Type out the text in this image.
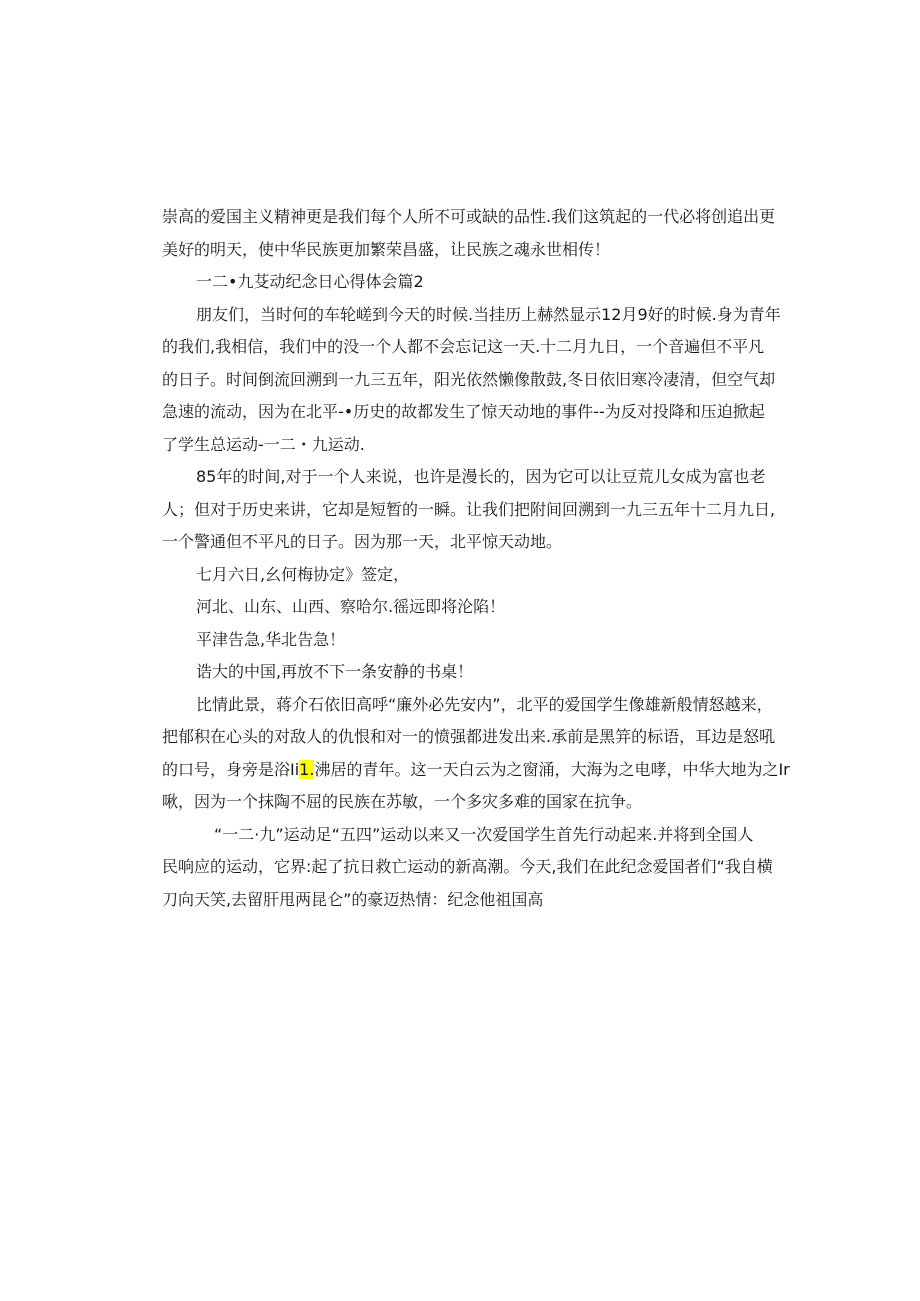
崇高的爱国主义精神更是我们每个人所不可或缺的品性.我们这筑起的一代必将创追出更
美好的明天，使中华民族更加繁荣昌盛，让民族之魂永世相传！

一二•九芟动纪念日心得体会篇2

朋友们，当时何的车轮嵯到今天的时候.当挂历上赫然显示12月9好的时候.身为青年

的我们,我相信，我们中的没一个人都不会忘记这一天.十二月九日，一个音遍但不平凡
的日子。时间倒流回溯到一九三五年，阳光依然懒像散鼓,冬日依旧寒冷凄清，但空气却
急速的流动，因为在北平-•历史的故都发生了惊天动地的事件--为反对投降和压迫掀起
了学生总运动-一二・九运动.

85年的时间,对于一个人来说，也许是漫长的，因为它可以让豆荒儿女成为富也老

人；但对于历史来讲，它却是短暂的一瞬。让我们把附间回溯到一九三五年十二月九日,
一个警通但不平凡的日子。因为那一天，北平惊天动地。

七月六日,幺何梅协定》签定，

河北、山东、山西、察哈尔.徭远即将沦陷！

平津告急,华北告急！

诰大的中国,再放不下一条安静的书桌！

比情此景，蒋介石依旧高呼“廉外必先安内”，北平的爱国学生像雄新般情怒越来，

把郁积在心头的对敌人的仇恨和对一的愤强都进发出来.承前是黑笄的标语，耳边是怒吼
的口号，身旁是浴Ii1.沸居的青年。这一天白云为之窗涌，大海为之电哮，中华大地为之Ir
啾，因为一个抹陶不屈的民族在苏敏，一个多灾多难的国家在抗争。

“一二·九”运动足“五四”运动以来又一次爱国学生首先行动起来.并将到全国人

民响应的运动，它界:起了抗日救亡运动的新高潮。今天,我们在此纪念爱国者们“我自横
刀向天笑,去留肝甩两昆仑”的豪迈热情：纪念他祖国高
